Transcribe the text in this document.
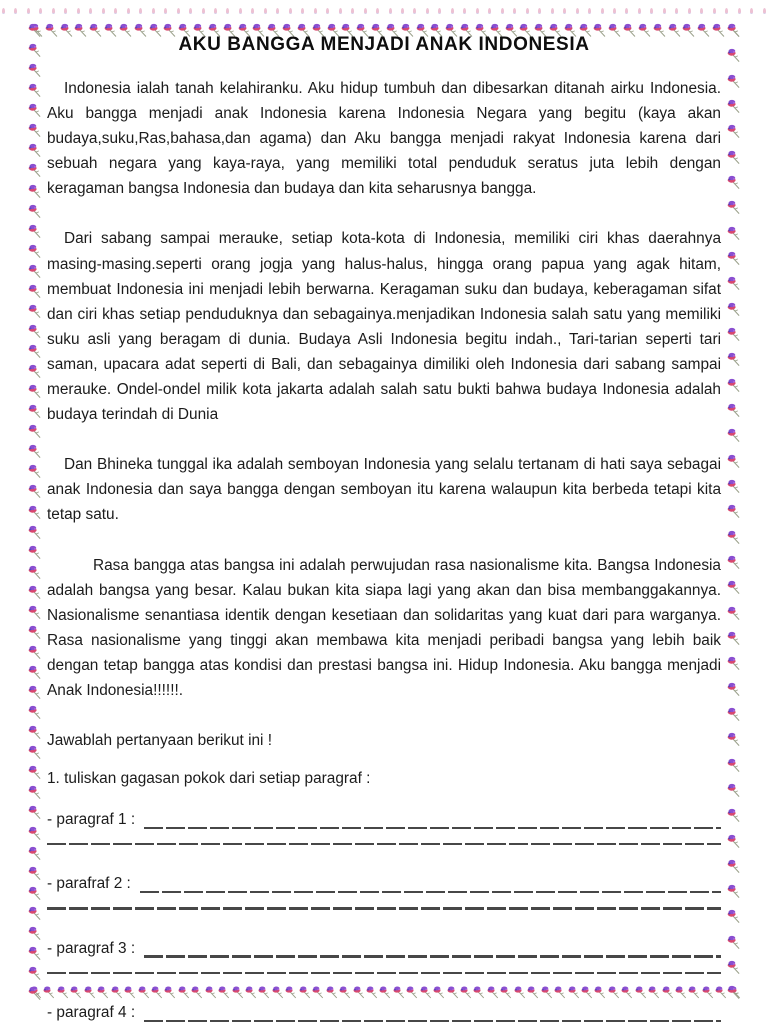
AKU BANGGA MENJADI ANAK INDONESIA

Indonesia ialah tanah kelahiranku. Aku hidup tumbuh dan dibesarkan ditanah airku Indonesia. Aku bangga menjadi anak Indonesia karena Indonesia Negara yang begitu (kaya akan budaya,suku,Ras,bahasa,dan agama) dan Aku bangga menjadi rakyat Indonesia karena dari sebuah negara yang kaya-raya, yang memiliki total penduduk seratus juta lebih dengan keragaman bangsa Indonesia dan budaya dan kita seharusnya bangga.

Dari sabang sampai merauke, setiap kota-kota di Indonesia, memiliki ciri khas daerahnya masing-masing.seperti orang jogja yang halus-halus, hingga orang papua yang agak hitam, membuat Indonesia ini menjadi lebih berwarna. Keragaman suku dan budaya, keberagaman sifat dan ciri khas setiap penduduknya dan sebagainya.menjadikan Indonesia salah satu yang memiliki suku asli yang beragam di dunia. Budaya Asli Indonesia begitu indah., Tari-tarian seperti tari saman, upacara adat seperti di Bali, dan sebagainya dimiliki oleh Indonesia dari sabang sampai merauke. Ondel-ondel milik kota jakarta adalah salah satu bukti bahwa budaya Indonesia adalah budaya terindah di Dunia

Dan Bhineka tunggal ika adalah semboyan Indonesia yang selalu tertanam di hati saya sebagai anak Indonesia dan saya bangga dengan semboyan itu karena walaupun kita berbeda tetapi kita tetap satu.

Rasa bangga atas bangsa ini adalah perwujudan rasa nasionalisme kita. Bangsa Indonesia adalah bangsa yang besar. Kalau bukan kita siapa lagi yang akan dan bisa membanggakannya. Nasionalisme senantiasa identik dengan kesetiaan dan solidaritas yang kuat dari para warganya. Rasa nasionalisme yang tinggi akan membawa kita menjadi peribadi bangsa yang lebih baik dengan tetap bangga atas kondisi dan prestasi bangsa ini. Hidup Indonesia. Aku bangga menjadi Anak Indonesia!!!!!!.

Jawablah pertanyaan berikut ini !
1. tuliskan gagasan pokok dari setiap paragraf :
- paragraf 1 :
- parafraf 2 :
- paragraf 3 :
- paragraf 4 :
